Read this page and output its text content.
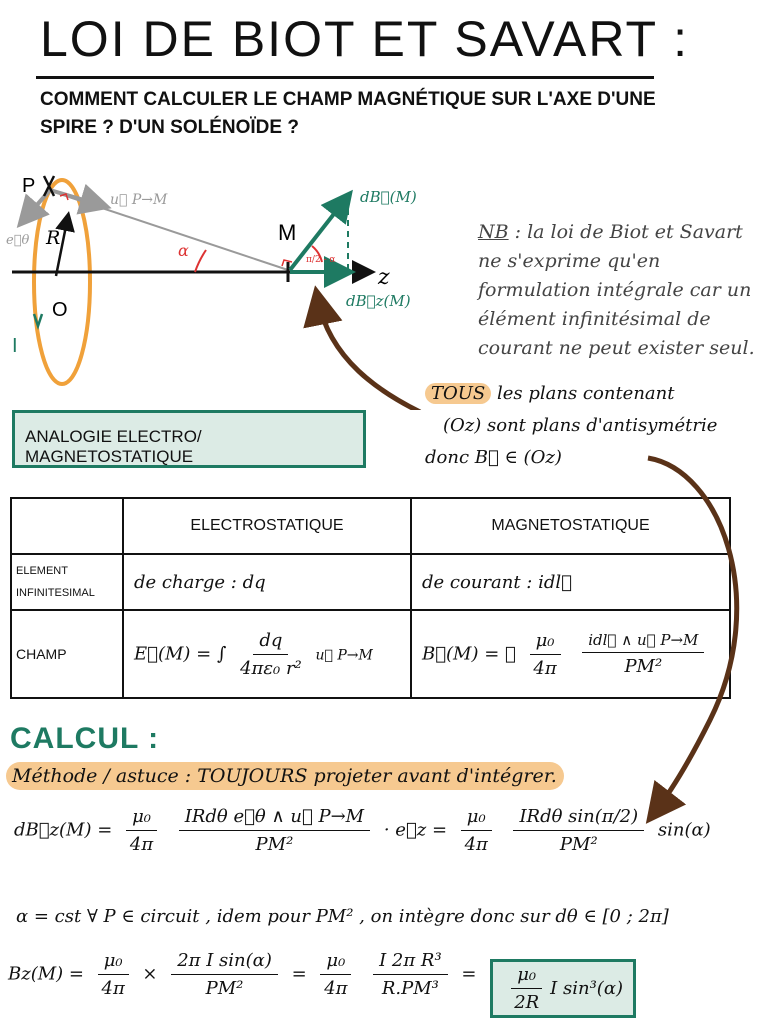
LOI DE BIOT ET SAVART :
COMMENT CALCULER LE CHAMP MAGNÉTIQUE SUR L'AXE D'UNE SPIRE ? D'UN SOLÉNOÏDE ?
P
u⃗ P→M
e⃗θ R
O
I
α
M
π/2 - α
dB⃗(M)
dB⃗z(M)
z
NB : la loi de Biot et Savart ne s'exprime qu'en formulation intégrale car un élément infinitésimal de courant ne peut exister seul.
TOUS les plans contenant
(Oz) sont plans d'antisymétrie
donc B⃗ ∈ (Oz)
ANALOGIE ELECTRO/ MAGNETOSTATIQUE
	ELECTROSTATIQUE	MAGNETOSTATIQUE
ELEMENT INFINITESIMAL	de charge : dq	de courant : idl⃗
CHAMP	E⃗(M) = ∫ $\frac{dq}{\text{4πε₀ r²}}$ u⃗ P→M	B⃗(M) = ∮ $\frac{\text{μ₀}}{4\pi}$
$\frac{\text{idl⃗ ∧ u⃗ P→M}}{\text{PM²}}$
CALCUL :
Méthode / astuce : TOUJOURS projeter avant d'intégrer.
dB⃗z(M) = $\frac{\text{μ₀}}{4\pi}$
$\frac{\text{IRdθ e⃗θ ∧ u⃗ P→M}}{\text{PM²}}$ · e⃗z = $\frac{\text{μ₀}}{4\pi}$
$\frac{\text{IRdθ sin(π/2)}}{\text{PM²}} \sin(\alpha)$
α = cst ∀ P ∈ circuit , idem pour PM² , on intègre donc sur dθ ∈ [0 ; 2π]
$Bz(M) = \frac{\text{μ₀}}{4\pi} \times \frac{\text{2π I sin(α)}}{\text{PM²}} = \frac{\text{μ₀}}{4\pi}$
$\frac{\text{I 2π R³}}{\text{R.PM³}} = \frac{\text{μ₀}}{2R}$ I sin³(α)
